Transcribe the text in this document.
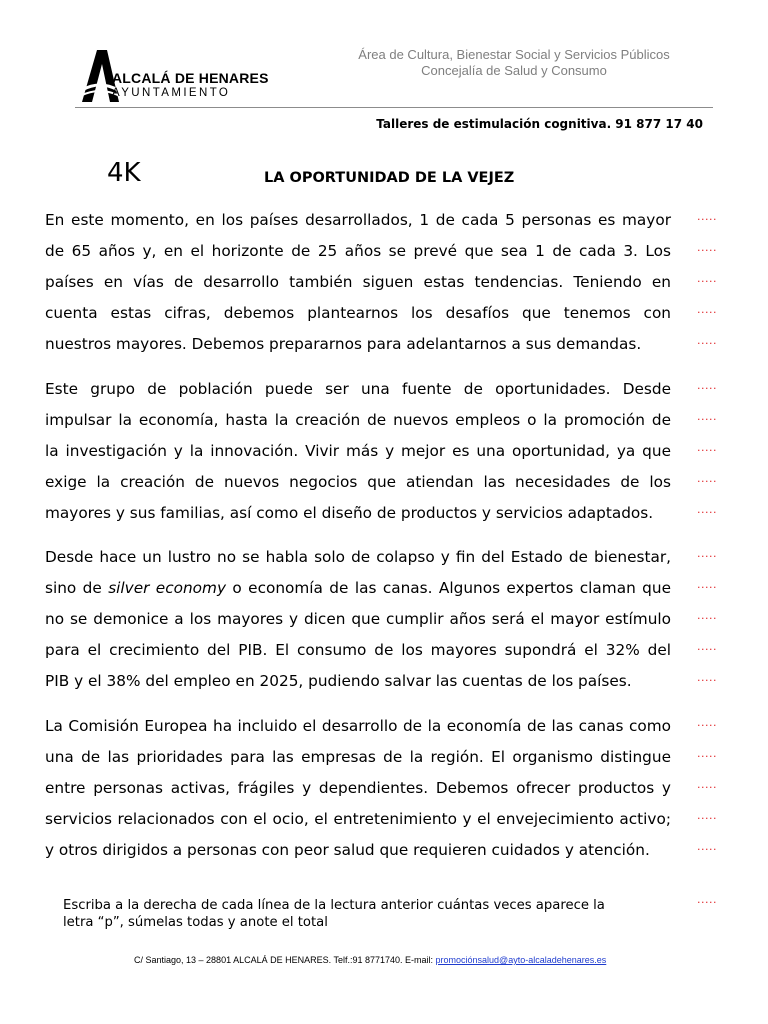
ALCALÁ DE HENARES
AYUNTAMIENTO
Área de Cultura, Bienestar Social y Servicios Públicos
Concejalía de Salud y Consumo
Talleres de estimulación cognitiva. 91 877 17 40
4K	LA OPORTUNIDAD DE LA VEJEZ
En este momento, en los países desarrollados, 1 de cada 5 personas es mayor
de 65 años y, en el horizonte de 25 años se prevé que sea 1 de cada 3. Los
países en vías de desarrollo también siguen estas tendencias. Teniendo en
cuenta estas cifras, debemos plantearnos los desafíos que tenemos con
nuestros mayores. Debemos prepararnos para adelantarnos a sus demandas.
.....
.....
.....
.....
.....
Este grupo de población puede ser una fuente de oportunidades. Desde
impulsar la economía, hasta la creación de nuevos empleos o la promoción de
la investigación y la innovación. Vivir más y mejor es una oportunidad, ya que
exige la creación de nuevos negocios que atiendan las necesidades de los
mayores y sus familias, así como el diseño de productos y servicios adaptados.
.....
.....
.....
.....
.....
Desde hace un lustro no se habla solo de colapso y fin del Estado de bienestar,
sino de silver economy o economía de las canas. Algunos expertos claman que
no se demonice a los mayores y dicen que cumplir años será el mayor estímulo
para el crecimiento del PIB. El consumo de los mayores supondrá el 32% del
PIB y el 38% del empleo en 2025, pudiendo salvar las cuentas de los países.
.....
.....
.....
.....
.....
La Comisión Europea ha incluido el desarrollo de la economía de las canas como
una de las prioridades para las empresas de la región. El organismo distingue
entre personas activas, frágiles y dependientes. Debemos ofrecer productos y
servicios relacionados con el ocio, el entretenimiento y el envejecimiento activo;
y otros dirigidos a personas con peor salud que requieren cuidados y atención.
.....
.....
.....
.....
.....
Escriba a la derecha de cada línea de la lectura anterior cuántas veces aparece la letra “p”, súmelas todas y anote el total
.....
C/ Santiago, 13 – 28801 ALCALÁ DE HENARES. Telf.:91 8771740. E-mail: promociónsalud@ayto-alcaladehenares.es
